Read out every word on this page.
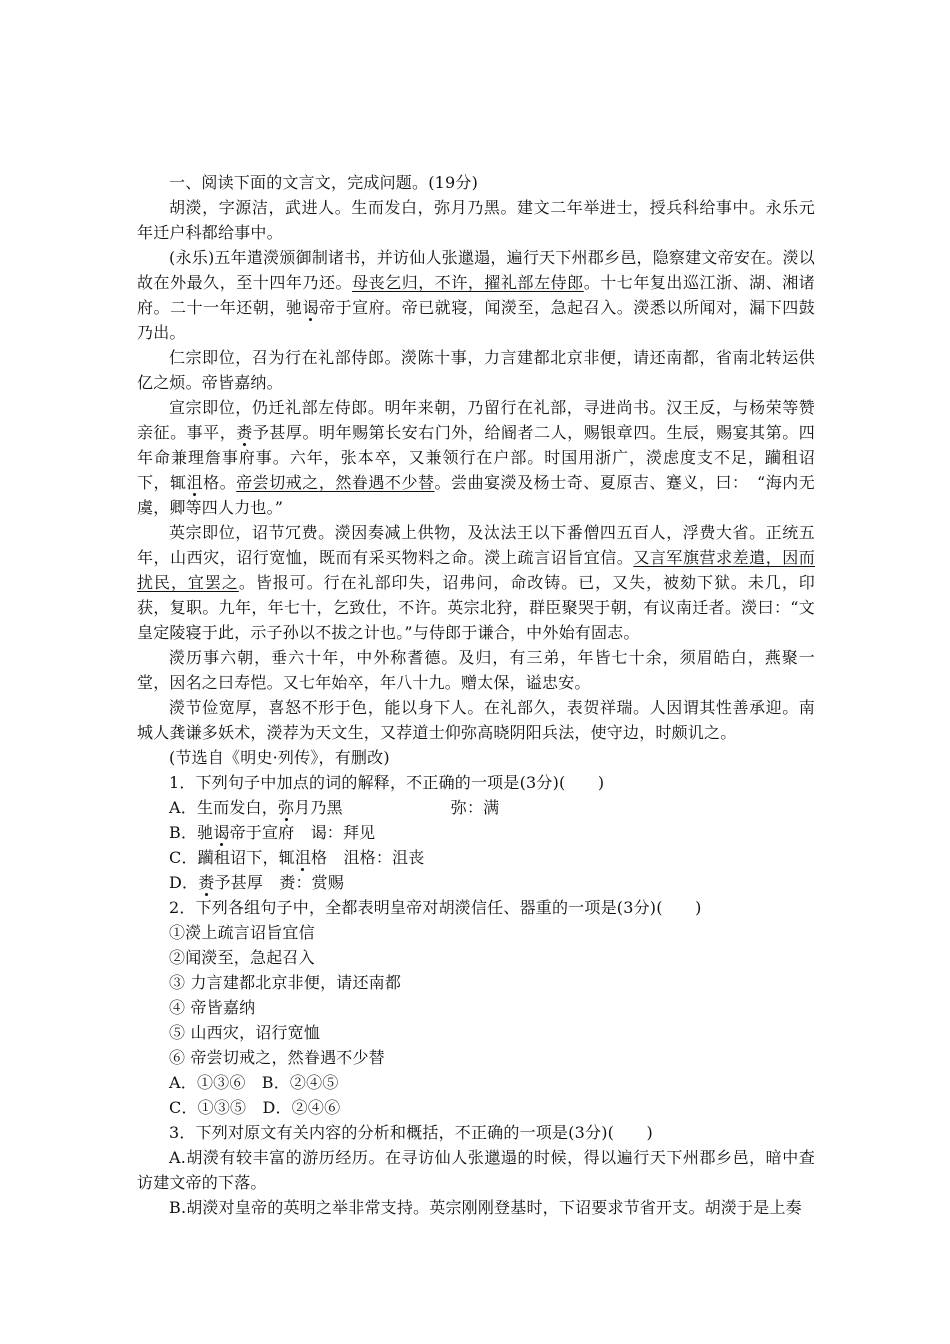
一、阅读下面的文言文，完成问题。(19分)

胡濙，字源洁，武进人。生而发白，弥月乃黑。建文二年举进士，授兵科给事中。永乐元年迁户科都给事中。

(永乐)五年遣濙颁御制诸书，并访仙人张邋遢，遍行天下州郡乡邑，隐察建文帝安在。濙以故在外最久，至十四年乃还。母丧乞归，不许，擢礼部左侍郎。十七年复出巡江浙、湖、湘诸府。二十一年还朝，驰谒帝于宣府。帝已就寝，闻濙至，急起召入。濙悉以所闻对，漏下四鼓乃出。

仁宗即位，召为行在礼部侍郎。濙陈十事，力言建都北京非便，请还南都，省南北转运供亿之烦。帝皆嘉纳。

宣宗即位，仍迁礼部左侍郎。明年来朝，乃留行在礼部，寻进尚书。汉王反，与杨荣等赞亲征。事平，赉予甚厚。明年赐第长安右门外，给阍者二人，赐银章四。生辰，赐宴其第。四年命兼理詹事府事。六年，张本卒，又兼领行在户部。时国用浙广，濙虑度支不足，躏租诏下，辄沮格。帝尝切戒之，然眷遇不少替。尝曲宴濙及杨士奇、夏原吉、蹇义，曰：　“海内无虞，卿等四人力也。”

英宗即位，诏节冗费。濙因奏减上供物，及汰法王以下番僧四五百人，浮费大省。正统五年，山西灾，诏行宽恤，既而有采买物料之命。濙上疏言诏旨宜信。又言军旗营求差遣，因而扰民，宜罢之。皆报可。行在礼部印失，诏弗问，命改铸。已，又失，被劾下狱。未几，印获，复职。九年，年七十，乞致仕，不许。英宗北狩，群臣聚哭于朝，有议南迁者。濙曰：“文皇定陵寝于此，示子孙以不拔之计也。”与侍郎于谦合，中外始有固志。

濙历事六朝，垂六十年，中外称耆德。及归，有三弟，年皆七十余，须眉皓白，燕聚一堂，因名之曰寿恺。又七年始卒，年八十九。赠太保，谥忠安。

濙节俭宽厚，喜怒不形于色，能以身下人。在礼部久，表贺祥瑞。人因谓其性善承迎。南城人龚谦多妖术，濙荐为天文生，又荐道士仰弥高晓阴阳兵法，使守边，时颇讥之。

(节选自《明史·列传》，有删改)

1．下列句子中加点的词的解释，不正确的一项是(3分)(　　)

A．生而发白，弥月乃黑	弥：满

B．驰谒帝于宣府　谒：拜见

C．躏租诏下，辄沮格　沮格：沮丧

D．赉予甚厚　赉：赏赐

2．下列各组句子中，全都表明皇帝对胡濙信任、器重的一项是(3分)(　　)

①濙上疏言诏旨宜信

②闻濙至，急起召入

③ 力言建都北京非便，请还南都

④ 帝皆嘉纳

⑤ 山西灾，诏行宽恤

⑥ 帝尝切戒之，然眷遇不少替

A．①③⑥　B．②④⑤

C．①③⑤　D．②④⑥

3．下列对原文有关内容的分析和概括，不正确的一项是(3分)(　　)

A.胡濙有较丰富的游历经历。在寻访仙人张邋遢的时候，得以遍行天下州郡乡邑，暗中查访建文帝的下落。

B.胡濙对皇帝的英明之举非常支持。英宗刚刚登基时，下诏要求节省开支。胡濙于是上奏
